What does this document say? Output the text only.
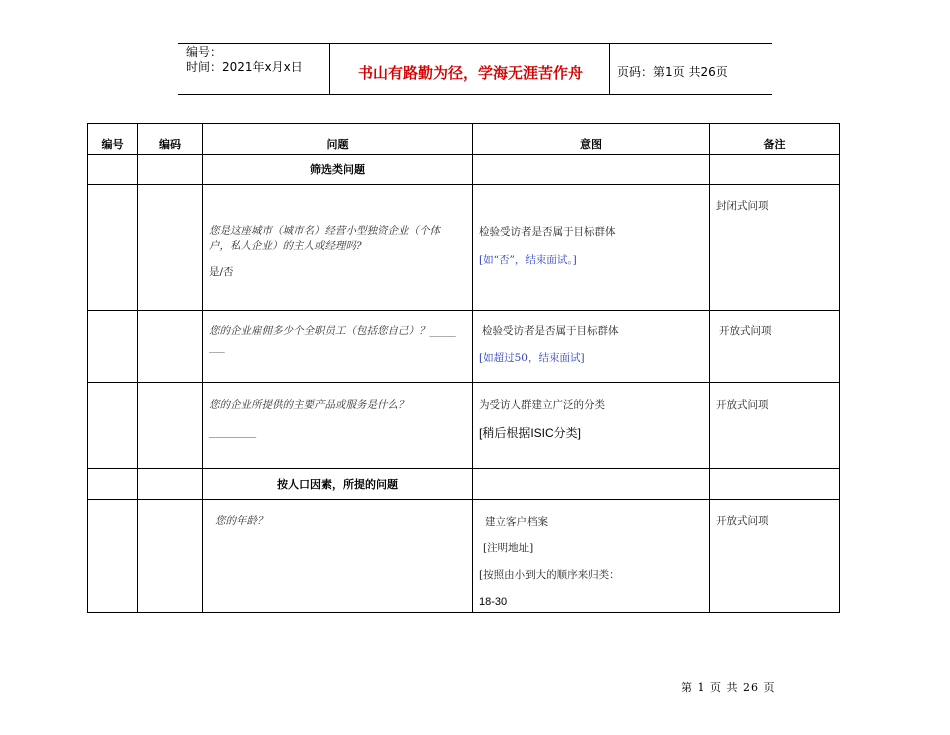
编号：
时间：2021年x月x日	书山有路勤为径，学海无涯苦作舟	页码：第1页 共26页
编号	编码	问题	意图	备注
		筛选类问题		

		您是这座城市（城市名）经营小型独资企业（个体
户，私人企业）的主人或经理吗?
是/否	检验受访者是否属于目标群体
[如“否”，结束面试。]	封闭式问项

		您的企业雇佣多少个全职员工（包括您自己）？_____
___	检验受访者是否属于目标群体
[如超过50，结束面试]	开放式问项

		您的企业所提供的主要产品或服务是什么？
_________	为受访人群建立广泛的分类
[稍后根据ISIC分类]	开放式问项

		按人口因素，所提的问题		

		您的年龄？	建立客户档案
[注明地址]
[按照由小到大的顺序来归类：
18-30	开放式问项
第 1 页 共 26 页
